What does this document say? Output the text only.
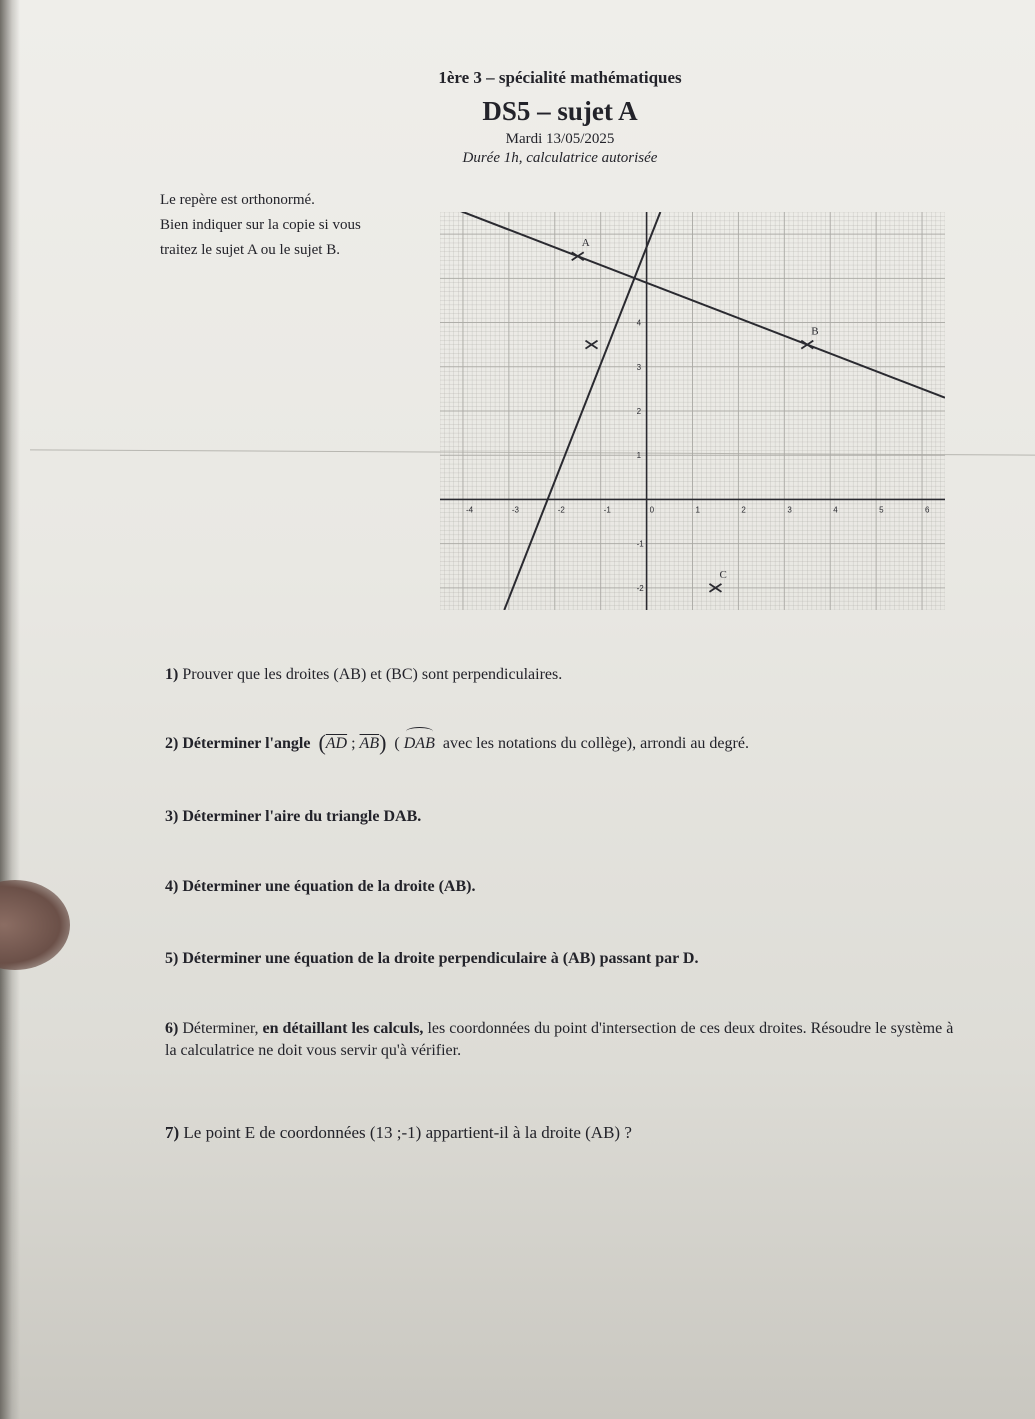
1ère 3 – spécialité mathématiques
DS5 – sujet A
Mardi 13/05/2025
Durée 1h, calculatrice autorisée
Le repère est orthonormé.
Bien indiquer sur la copie si vous
traitez le sujet A ou le sujet B.	A
B
C
-4	-3	-2	-1	0	1	2	3	4	5	6
4
3
2
1
-1
-2
1) Prouver que les droites (AB) et (BC) sont perpendiculaires.
2) Déterminer l'angle ($\overline{AD}$ ; $\overline{AB}$) ( DAB avec les notations du collège), arrondi au degré.
3) Déterminer l'aire du triangle DAB.
4) Déterminer une équation de la droite (AB).
5) Déterminer une équation de la droite perpendiculaire à (AB) passant par D.
6) Déterminer, en détaillant les calculs, les coordonnées du point d'intersection de ces deux droites. Résoudre le système à la calculatrice ne doit vous servir qu'à vérifier.
7) Le point E de coordonnées (13 ;-1) appartient-il à la droite (AB) ?
